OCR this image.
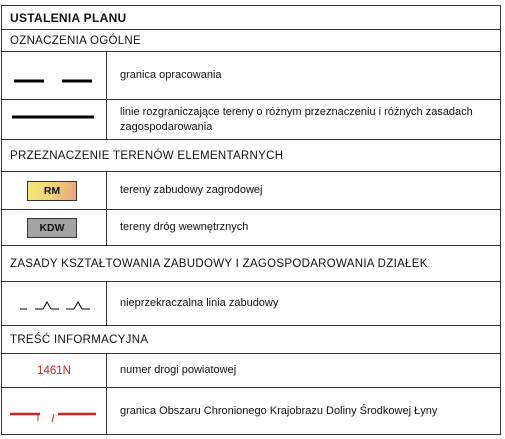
USTALENIA PLANU
OZNACZENIA OGÓLNE
granica opracowania
linie rozgraniczające tereny o różnym przeznaczeniu i różnych zasadach zagospodarowania
PRZEZNACZENIE TERENÓW ELEMENTARNYCH
RM	tereny zabudowy zagrodowej
KDW	tereny dróg wewnętrznych
ZASADY KSZTAŁTOWANIA ZABUDOWY I ZAGOSPODAROWANIA DZIAŁEK
nieprzekraczalna linia zabudowy
TREŚĆ INFORMACYJNA
1461N	numer drogi powiatowej
granica Obszaru Chronionego Krajobrazu Doliny Środkowej Łyny
